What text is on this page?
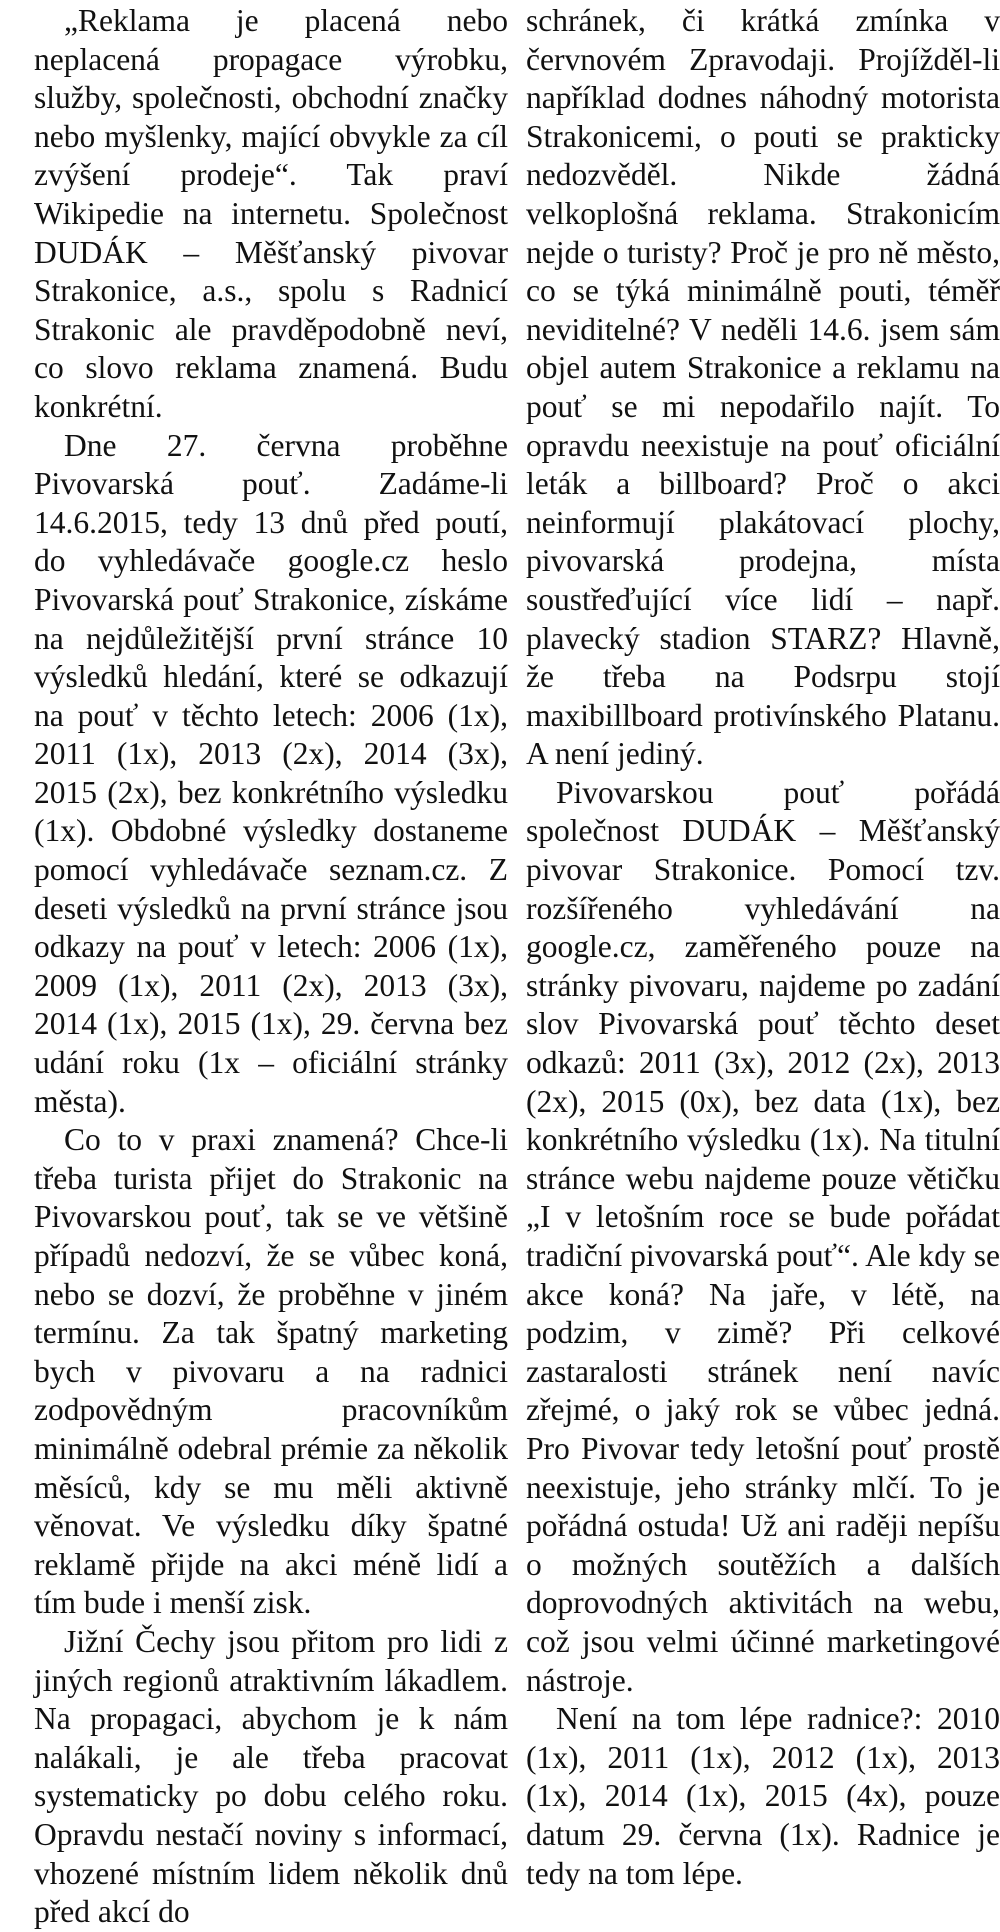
„Reklama je placená nebo neplacená propagace výrobku, služby, společnosti, obchodní značky nebo myšlenky, mající obvykle za cíl zvýšení prodeje“. Tak praví Wikipedie na internetu. Společnost DUDÁK – Měšťanský pivovar Strakonice, a.s., spolu s Radnicí Strakonic ale pravděpodobně neví, co slovo reklama znamená. Budu konkrétní.

Dne 27. června proběhne Pivovarská pouť. Zadáme-li 14.6.2015, tedy 13 dnů před poutí, do vyhledávače google.cz heslo Pivovarská pouť Strakonice, získáme na nejdůležitější první stránce 10 výsledků hledání, které se odkazují na pouť v těchto letech: 2006 (1x), 2011 (1x), 2013 (2x), 2014 (3x), 2015 (2x), bez konkrétního výsledku (1x). Obdobné výsledky dostaneme pomocí vyhledávače seznam.cz. Z deseti výsledků na první stránce jsou odkazy na pouť v letech: 2006 (1x), 2009 (1x), 2011 (2x), 2013 (3x), 2014 (1x), 2015 (1x), 29. června bez udání roku (1x – oficiální stránky města).

Co to v praxi znamená? Chce-li třeba turista přijet do Strakonic na Pivovarskou pouť, tak se ve většině případů nedozví, že se vůbec koná, nebo se dozví, že proběhne v jiném termínu. Za tak špatný marketing bych v pivovaru a na radnici zodpovědným pracovníkům minimálně odebral prémie za několik měsíců, kdy se mu měli aktivně věnovat. Ve výsledku díky špatné reklamě přijde na akci méně lidí a tím bude i menší zisk.

Jižní Čechy jsou přitom pro lidi z jiných regionů atraktivním lákadlem. Na propagaci, abychom je k nám nalákali, je ale třeba pracovat systematicky po dobu celého roku. Opravdu nestačí noviny s informací, vhozené místním lidem několik dnů před akcí do

schránek, či krátká zmínka v červnovém Zpravodaji. Projížděl-li například dodnes náhodný motorista Strakonicemi, o pouti se prakticky nedozvěděl. Nikde žádná velkoplošná reklama. Strakonicím nejde o turisty? Proč je pro ně město, co se týká minimálně pouti, téměř neviditelné? V neděli 14.6. jsem sám objel autem Strakonice a reklamu na pouť se mi nepodařilo najít. To opravdu neexistuje na pouť oficiální leták a billboard? Proč o akci neinformují plakátovací plochy, pivovarská prodejna, místa soustřeďující více lidí – např. plavecký stadion STARZ? Hlavně, že třeba na Podsrpu stojí maxibillboard protivínského Platanu. A není jediný.

Pivovarskou pouť pořádá společnost DUDÁK – Měšťanský pivovar Strakonice. Pomocí tzv. rozšířeného vyhledávání na google.cz, zaměřeného pouze na stránky pivovaru, najdeme po zadání slov Pivovarská pouť těchto deset odkazů: 2011 (3x), 2012 (2x), 2013 (2x), 2015 (0x), bez data (1x), bez konkrétního výsledku (1x). Na titulní stránce webu najdeme pouze větičku „I v letošním roce se bude pořádat tradiční pivovarská pouť“. Ale kdy se akce koná? Na jaře, v létě, na podzim, v zimě? Při celkové zastaralosti stránek není navíc zřejmé, o jaký rok se vůbec jedná. Pro Pivovar tedy letošní pouť prostě neexistuje, jeho stránky mlčí. To je pořádná ostuda! Už ani raději nepíšu o možných soutěžích a dalších doprovodných aktivitách na webu, což jsou velmi účinné marketingové nástroje.

Není na tom lépe radnice?: 2010 (1x), 2011 (1x), 2012 (1x), 2013 (1x), 2014 (1x), 2015 (4x), pouze datum 29. června (1x). Radnice je tedy na tom lépe.
